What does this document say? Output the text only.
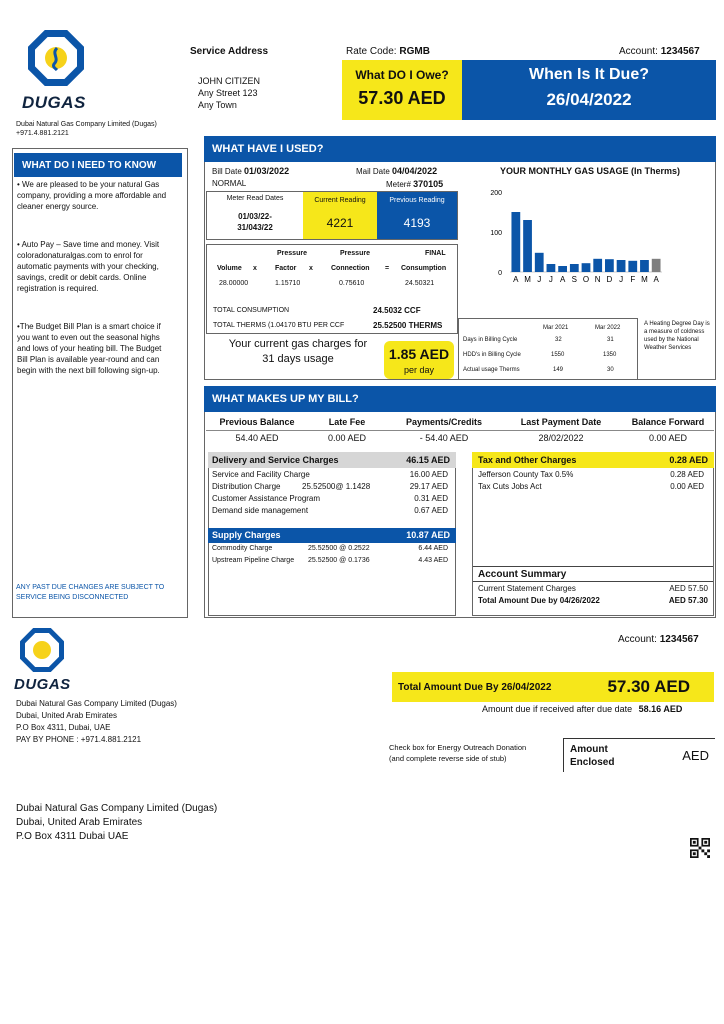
DUGAS
Dubai Natural Gas Company Limited (Dugas)
+971.4.881.2121
Service Address	Rate Code: RGMB	Account: 1234567
JOHN CITIZEN
Any Street 123
Any Town
What DO I Owe?
57.30 AED
When Is It Due?
26/04/2022
WHAT DO I NEED TO KNOW
• We are pleased to be your natural Gas company, providing a more affordable and cleaner energy source.
• Auto Pay – Save time and money. Visit coloradonaturalgas.com to enrol for automatic payments with your checking, savings, credit or debit cards. Online registration is required.
•The Budget Bill Plan is a smart choice if you want to even out the seasonal highs and lows of your heating bill. The Budget Bill Plan is available year-round and can begin with the next bill following sign-up.
ANY PAST DUE CHANGES ARE SUBJECT TO SERVICE BEING DISCONNECTED
WHAT HAVE I USED?
Bill Date 01/03/2022	Mail Date 04/04/2022
NORMAL	Meter# 370105
Meter Read Dates
01/03/22-
31/043/22
Current Reading
4221
Previous Reading
4193
Pressure	Pressure	FINAL
Volume x	Factor x	Connection = Consumption
28.00000	1.15710	0.75610	24.50321
TOTAL CONSUMPTION	24.5032 CCF
TOTAL THERMS (1.04170 BTU PER CCF	25.52500 THERMS
Your current gas charges for 31 days usage	1.85 AED
per day
YOUR MONTHLY GAS USAGE (In Therms)
0
100
200
A M J J A S O N D J F M A
Mar 2021	Mar 2022
Days in Billing Cycle	32	31
HDD's in Billing Cycle	1550	1350
Actual usage Therms	149	30
A Heating Degree Day is a measure of coldness used by the National Weather Services
WHAT MAKES UP MY BILL?
Previous Balance	Late Fee	Payments/Credits	Last Payment Date	Balance Forward
54.40 AED	0.00 AED	- 54.40 AED	28/02/2022	0.00 AED
Delivery and Service Charges	46.15 AED
Service and Facility Charge	16.00 AED
Distribution Charge	25.52500@ 1.1428	29.17 AED
Customer Assistance Program	0.31 AED
Demand side management	0.67 AED
Supply Charges	10.87 AED
Commodity Charge	25.52500 @ 0.2522	6.44 AED
Upstream Pipeline Charge 25.52500 @ 0.1736	4.43 AED
Tax and Other Charges	0.28 AED
Jefferson County Tax 0.5%	0.28 AED
Tax Cuts Jobs Act	0.00 AED
Account Summary
Current Statement Charges	AED 57.50
Total Amount Due by 04/26/2022	AED 57.30
DUGAS
Account: 1234567
Dubai Natural Gas Company Limited (Dugas)
Dubai, United Arab Emirates
P.O Box 4311, Dubai, UAE
PAY BY PHONE : +971.4.881.2121
Total Amount Due By 26/04/2022	57.30 AED
Amount due if received after due date 58.16 AED
Check box for Energy Outreach Donation
(and complete reverse side of stub)
Amount
Enclosed	AED
Dubai Natural Gas Company Limited (Dugas)
Dubai, United Arab Emirates
P.O Box 4311 Dubai UAE
